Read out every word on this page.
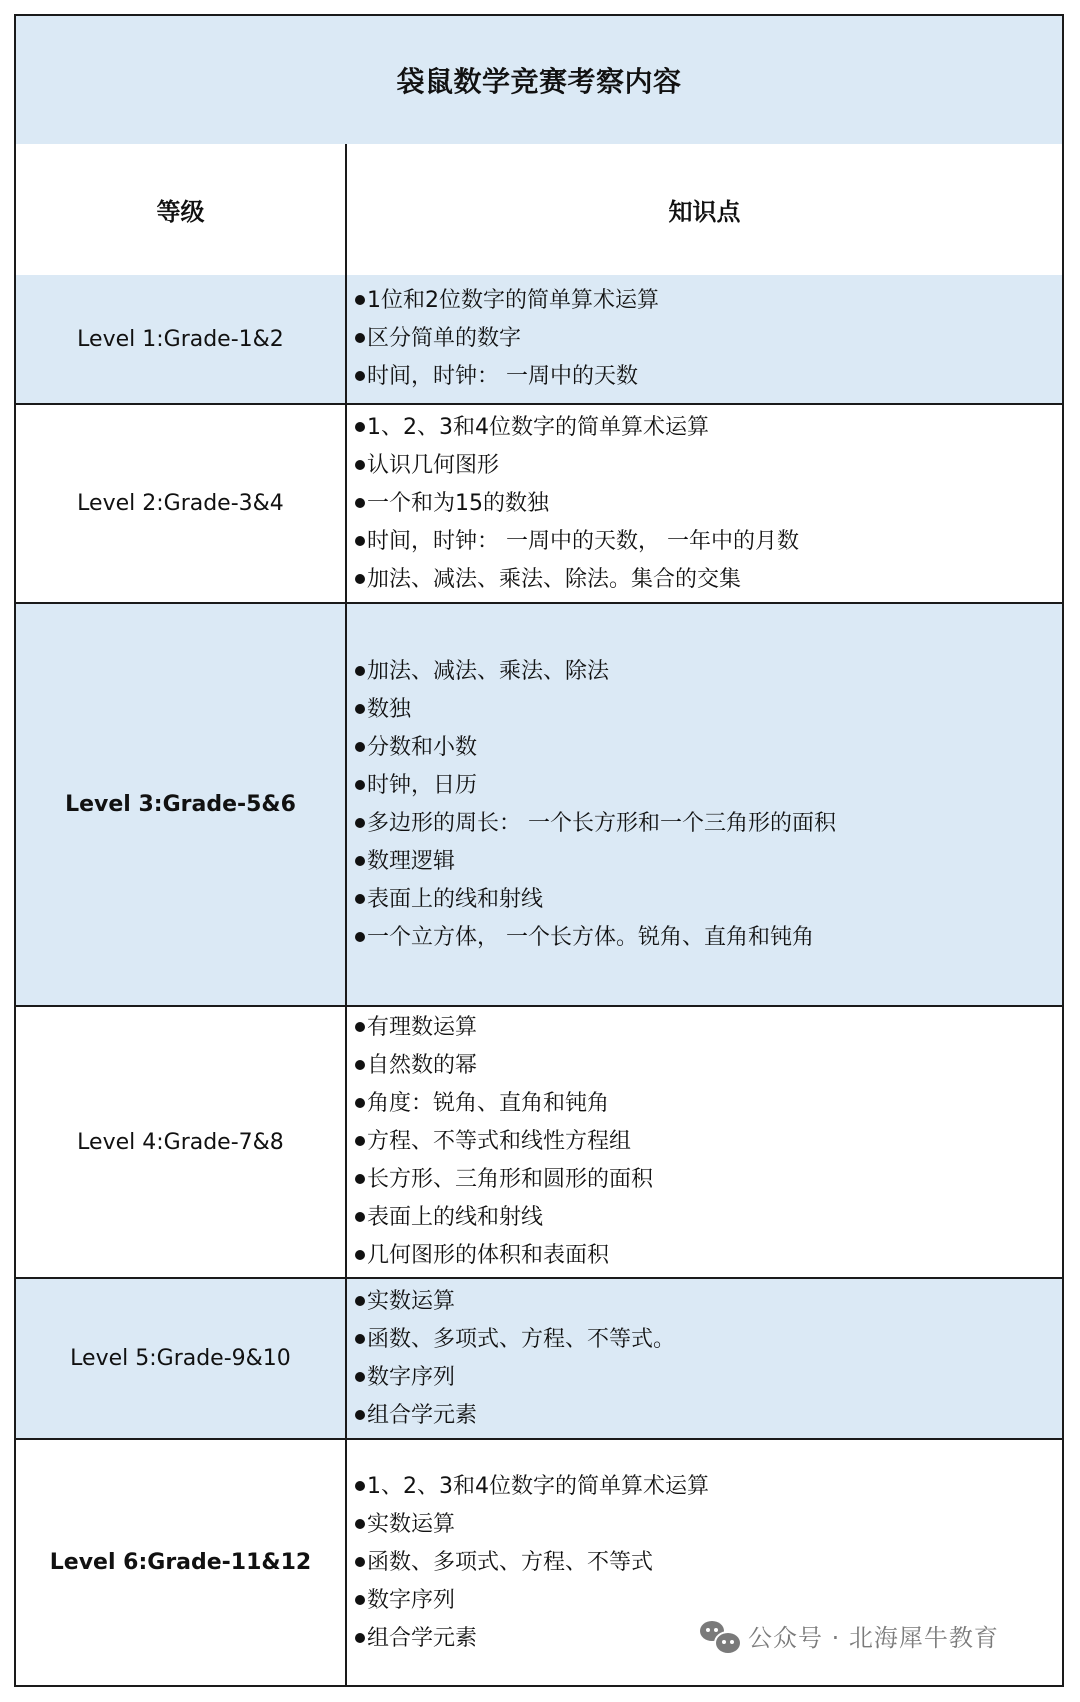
袋鼠数学竞赛考察内容
等级	知识点
Level 1:Grade-1&2
1位和2位数字的简单算术运算
区分简单的数字
时间，时钟： 一周中的天数
Level 2:Grade-3&4
1、2、3和4位数字的简单算术运算
认识几何图形
一个和为15的数独
时间，时钟： 一周中的天数， 一年中的月数
加法、减法、乘法、除法。集合的交集
Level 3:Grade-5&6
加法、减法、乘法、除法
数独
分数和小数
时钟，日历
多边形的周长： 一个长方形和一个三角形的面积
数理逻辑
表面上的线和射线
一个立方体， 一个长方体。锐角、直角和钝角
Level 4:Grade-7&8
有理数运算
自然数的幂
角度：锐角、直角和钝角
方程、不等式和线性方程组
长方形、三角形和圆形的面积
表面上的线和射线
几何图形的体积和表面积
Level 5:Grade-9&10
实数运算
函数、多项式、方程、不等式。
数字序列
组合学元素
Level 6:Grade-11&12
1、2、3和4位数字的简单算术运算
实数运算
函数、多项式、方程、不等式
数字序列
组合学元素	公众号 · 北海犀牛教育
